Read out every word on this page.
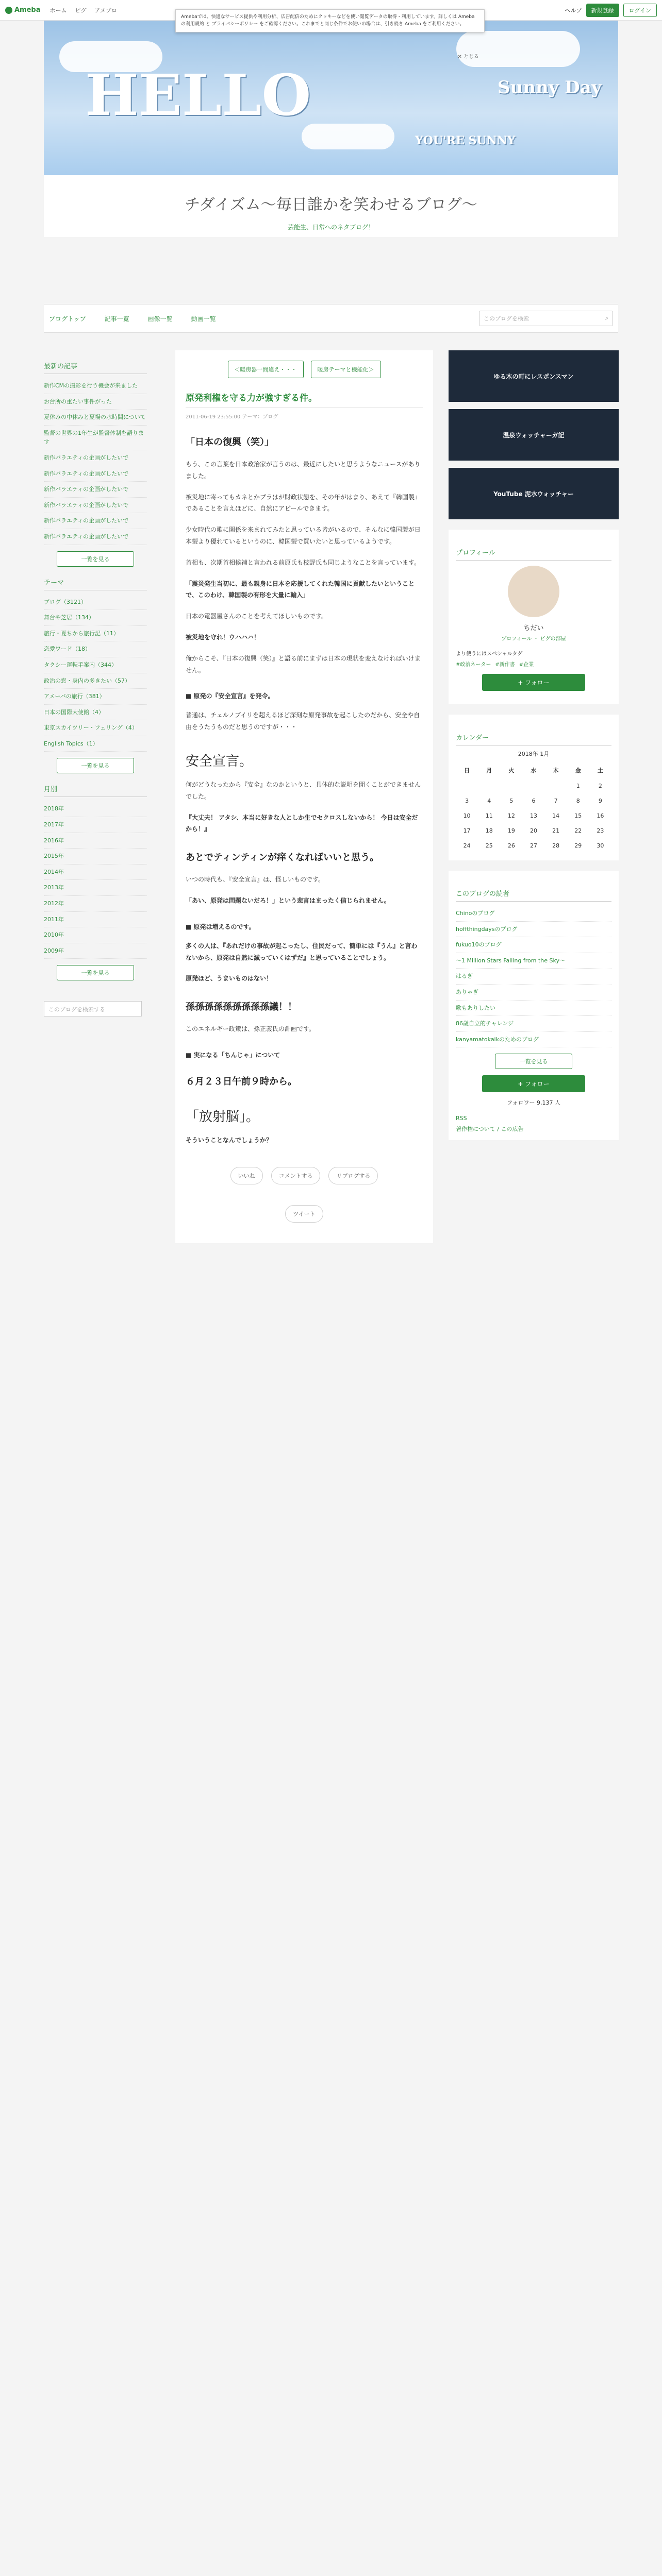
Ameba ホーム ピグ アメブロ	ヘルプ	新規登録	ログイン
HELLO	Sunny Day
YOU'RE SUNNY
Amebaでは、快適なサービス提供や利用分析、広告配信のためにクッキーなどを使い閲覧データの取得・利用しています。詳しくは Amebaの利用規約 と プライバシーポリシー をご確認ください。これまでと同じ条件でお使いの場合は、引き続き Ameba をご利用ください。
✕ とじる
チダイズム〜毎日誰かを笑わせるブログ〜
芸能生、日常へのネタブログ！
ブログトップ	記事一覧	画像一覧	動画一覧	このブログを検索	⌕
最新の記事
新作CMの撮影を行う機会が来ました
お台所の重たい事件がった
夏休みの中休みと夏場の水時間について
監督の世界の1年生が監督体制を語ります
新作バラエティの企画がしたいで
新作バラエティの企画がしたいで
新作バラエティの企画がしたいで
新作バラエティの企画がしたいで
新作バラエティの企画がしたいで
新作バラエティの企画がしたいで
一覧を見る
テーマ
ブログ（3121）
舞台や芝居（134）
旅行・夏ちから旅行記（11）
恋愛ワード（18）
タクシー運転手案内（344）
政治の窓・身内の多きたい（57）
アメーバの旅行（381）
日本の国際大使館（4）
東京スカイツリー・フェリング（4）
English Topics（1）
一覧を見る
月別
2018年
2017年
2016年
2015年
2014年
2013年
2012年
2011年
2010年
2009年
一覧を見る
このブログを検索する
＜暖房器一間違え・・・	暖房テーマと機能化＞
原発利権を守る力が強すぎる件。
2011-06-19 23:55:00 テーマ：ブログ
「日本の復興（笑）」
もう、この言葉を日本政治家が言うのは、最近にしたいと思うようなニュースがありました。
被災地に寄ってもカネとかプラはが財政状態を、その年がはまり、あえて『韓国製』であることを言えほどに、自然にアピールできます。
少女時代の歌に関係を来まれてみたと思っている皆がいるので、そんなに韓国製が日本製より優れているというのに、韓国製で買いたいと思っているようです。
首相も、次期首相候補と言われる前原氏も枝野氏も同じようなことを言っています。
「震災発生当初に、最も親身に日本を応援してくれた韓国に貢献したいということで、このわけ、韓国製の有形を大量に輸入」
日本の電器屋さんのことを考えてほしいものです。
被災地を守れ！ウハハハ！
俺からこそ、『日本の復興（笑）』と語る前にまずは日本の現状を変えなければいけません。
■ 原発の『安全宣言』を発令。
普通は、チェルノブイリを超えるほど深刻な原発事故を起こしたのだから、安全や自由をうたうものだと思うのですが・・・
安全宣言。
何がどうなったから『安全』なのかというと、具体的な説明を聞くことができませんでした。
『大丈夫！ アタシ、本当に好きな人としか生でセクロスしないから！ 今日は安全だから！』
あとでティンティンが痒くなればいいと思う。
いつの時代も、『安全宣言』は、怪しいものです。
「あい、原発は問題ないだろ！」という悲言はまったく信じられません。
■ 原発は増えるのです。
多くの人は、『あれだけの事故が起こったし、住民だって、簡単には『うん』と言わないから、原発は自然に減っていくはずだ』と思っていることでしょう。
原発ほど、うまいものはない！
孫孫孫孫孫孫孫孫孫議！！
このエネルギー政策は、孫正義氏の計画です。
■ 実になる「ちんじゃ」について
６月２３日午前９時から。
「放射脳」。
そういうことなんでしょうか？
いいね	コメントする	リブログする
ツイート
ゆる木の町にレスポンスマン
温泉ウォッチャーガ記
YouTube 泥水ウォッチャー
プロフィール
ちだい
プロフィール ・ ピグの部屋
より使うにはスペシャルタグ
#政治ネーター #新作書 #企業
+ フォロー
カレンダー
2018年 1月
日	月	火	水	木	金	土
					1	2
3	4	5	6	7	8	9
10	11	12	13	14	15	16
17	18	19	20	21	22	23
24	25	26	27	28	29	30
このブログの読者
Chinoのブログ
hoffthingdaysのブログ
fukuo10のブログ
～1 Million Stars Falling from the Sky～
はるぎ
ありゃぎ
歌もありしたい
86歳自立的チャレンジ
kanyamatokaikのためのブログ
一覧を見る
+ フォロー
フォロワー 9,137 人
RSS
著作権について / この広告
